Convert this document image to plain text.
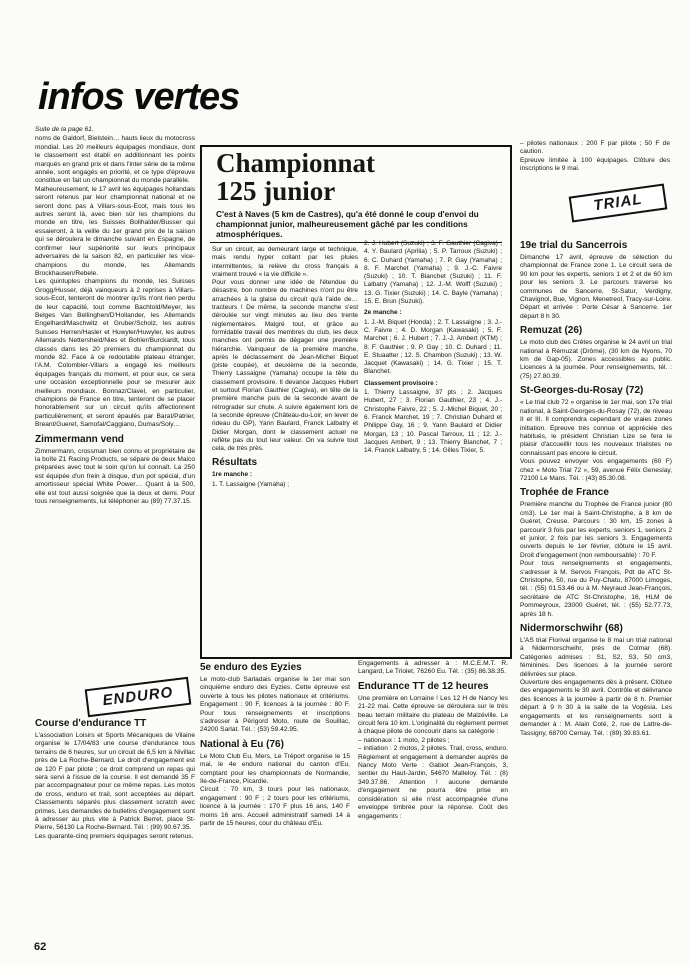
infos vertes

Suite de la page 61.

noms de Galdorf, Bielstein… hauts lieux du motocross mondial. Les 20 meilleurs équipages mondiaux, dont le classement est établi en additionnant les points marqués en grand prix et dans l'inter série de la même année, sont engagés en priorité, et ce type d'épreuve constitue en fait un championnat du monde parallèle.
Malheureusement, le 17 avril les équipages hollandais seront retenus par leur championnat national et ne seront donc pas à Villars-sous-Ecot, mais tous les autres seront là, avec bien sûr les champions du monde en titre, les Suisses Bollhalder/Busser qui essaieront, à la veille du 1er grand prix de la saison qui se déroulera le dimanche suivant en Espagne, de confirmer leur supériorité sur leurs principaux adversaires de la saison 82, en particulier les vice-champions du monde, les Allemands Brockhausen/Rebele.
Les quintuples champions du monde, les Suisses Grogg/Husser, déjà vainqueurs à 2 reprises à Villars-sous-Ecot, tenteront de montrer qu'ils n'ont rien perdu de leur capacité, tout comme Bachtold/Meyer, les Belges Van Bellinghen/D'Hollander, les Allemands Engelhard/Maschwitz et Gruber/Scholz, les autres Suisses Herren/Hasler et Huwyler/Huwyler, les autres Allemands Nettersheid/Nies et Bohler/Burckardt, tous classés dans les 20 premiers du championnat du monde 82. Face à ce redoutable plateau étranger, l'A.M. Colombier-Villars a engagé les meilleurs équipages français du moment, et pour eux, ce sera une occasion exceptionnelle pour se mesurer aux meilleurs mondiaux. Bonnaz/Clavel, en particulier, champions de France en titre, tenteront de se placer honorablement sur un circuit qu'ils affectionnent particulièrement, et seront épaulés par Barat/Patrier, Breant/Gueret, Samofal/Caggiano, Dumas/Soly…

Zimmermann vend

Zimmermann, crossman bien connu et propriétaire de la boîte Z1 Racing Products, se sépare de deux Maico préparées avec tout le soin qu'on lui connaît. La 250 est équipée d'un frein à disque, d'un pot spécial, d'un amortisseur spécial White Power… Quant à la 500, elle est tout aussi soignée que la deux et demi. Pour tous renseignements, lui téléphoner au (89) 77.37.15.

ENDURO
Course d'endurance TT

L'association Loisirs et Sports Mécaniques de Vilaine organise le 17/04/83 une course d'endurance tous terrains de 6 heures, sur un circuit de 6,5 km à Nivillac près de La Roche-Bernard. Le droit d'engagement est de 120 F par pilote ; ce droit comprend un repas qui sera servi à l'issue de la course. Il est demandé 35 F par accompagnateur pour ce même repas. Les motos de cross, enduro et trail, sont acceptées au départ. Classements séparés plus classement scratch avec primes. Les demandes de bulletins d'engagement sont à adresser au plus vite à Patrick Berret, place St-Pierre, 56130 La Roche-Bernard. Tél. : (99) 90.67.35.
Les quarante-cinq premiers équipages seront retenus.

62
Championnat
125 junior
C'est à Naves (5 km de Castres), qu'a été donné le coup d'envoi du championnat junior, malheureusement gâché par les conditions atmosphériques.

Sur un circuit, au demeurant large et technique, mais rendu hyper collant par les pluies intermittentes, la relève du cross français a vraiment trouvé « la vie difficile ».
Pour vous donner une idée de l'étendue du désastre, bon nombre de machines n'ont pu être arrachées à la glaise du circuit qu'à l'aide de… tracteurs ! De même, la seconde manche s'est déroulée sur vingt minutes au lieu des trente réglementaires. Malgré tout, et grâce au formidable travail des membres du club, les deux manches ont permis de dégager une première hiérarchie. Vainqueur de la première manche, après le déclassement de Jean-Michel Biquet (piste coupée), et deuxième de la seconde, Thierry Lassaigne (Yamaha) occupe la tête du classement provisoire. Il devance Jacques Hubert et surtout Florian Gauthier (Cagiva), en tête de la première manche puis de la seconde avant de rétrograder sur chute. A suivre également lors de la seconde épreuve (Château-du-Loir, en lever de rideau du GP), Yann Baulard, Franck Lalbatry et Didier Morgan, dont le classement actuel ne reflète pas du tout leur valeur. On va suivre tout cela, de très près.

Résultats

1re manche :

1. T. Lassaigne (Yamaha) ;

2. J. Hubert (Suzuki) ; 3. F. Gauthier (Cagiva) ; 4. Y. Baulard (Aprilia) ; 5. P. Tarroux (Suzuki) ; 6. C. Duhard (Yamaha) ; 7. P. Gay (Yamaha) ; 8. F. Marchet (Yamaha) ; 9. J.-C. Faivre (Suzuki) ; 10. T. Blanchet (Suzuki) ; 11. F. Lalbatry (Yamaha) ; 12. J.-M. Wolff (Suzuki) ; 13. G. Tixier (Suzuki) ; 14. C. Bayle (Yamaha) ; 15. E. Brun (Suzuki).

2e manche :

1. J.-M. Biquet (Honda) ; 2. T. Lassaigne ; 3. J.-C. Faivre ; 4. D. Morgan (Kawasaki) ; 5. F. Marchet ; 6. J. Hubert ; 7. J.-J. Ambert (KTM) ; 8. F. Gauthier ; 9. P. Gay ; 10. C. Duhard ; 11. E. Stuaatter ; 12. S. Chambon (Suzuki) ; 13. W. Jacquet (Kawasaki) ; 14. G. Tixier ; 15. T. Blanchet.

Classement provisoire :

1. Thierry Lassaigne, 37 pts ; 2. Jacques Hubert, 27 ; 3. Florian Gauthier, 23 ; 4. J.-Christophe Faivre, 22 ; 5. J.-Michel Biquet, 20 ; 6. Franck Marchet, 19 ; 7. Christian Duhard et Philippe Gay, 16 ; 9. Yann Baulard et Didier Morgan, 13 ; 10. Pascal Tarroux, 11 ; 12. J.-Jacques Ambert, 9 ; 13. Thierry Blanchet, 7 ; 14. Franck Lalbatry, 5 ; 14. Gilles Tixier, 5.

5e enduro des Eyzies

Le moto-club Sarladais organise le 1er mai son cinquième enduro des Eyzies. Cette épreuve est ouverte à tous les pilotes nationaux et critériums. Engagement : 90 F, licences à la journée : 80 F. Pour tous renseignements et inscriptions s'adresser à Périgord Moto, route de Souillac, 24200 Sarlat. Tél. : (53) 59.42.95.

National à Eu (76)

Le Moto Club Eu, Mers, Le Tréport organise le 15 mai, le 4e enduro national du canton d'Eu, comptant pour les championnats de Normandie, Ile-de-France, Picardie.
Circuit : 70 km, 3 tours pour les nationaux, engagement : 90 F ; 2 tours pour les critériums, licence à la journée : 170 F plus 16 ans, 140 F moins 16 ans. Accueil administratif samedi 14 à partir de 15 heures, cour du château d'Eu.

Engagements à adresser à : M.C.E.M.T. R. Langard, Le Triolet, 76260 Eu. Tél. : (35) 86.38.35.

Endurance TT de 12 heures

Une première en Lorraine ! Les 12 H de Nancy les 21-22 mai. Cette épreuve se déroulera sur le très beau terrain militaire du plateau de Malzéville. Le circuit fera 10 km. L'originalité du règlement permet à chaque pilote de concourir dans sa catégorie :
– nationaux : 1 moto, 2 pilotes ;
– initiation : 2 motos, 2 pilotes. Trail, cross, enduro. Règlement et engagement à demander auprès de Nancy Moto Verte : Gabiot Jean-François, 3, sentier du Haut-Jardin, 54670 Malleloy. Tél. : (8) 349.37.86. Attention ! aucune demande d'engagement ne pourra être prise en considération si elle n'est accompagnée d'une enveloppe timbrée pour la réponse. Coût des engagements :

– pilotes nationaux : 200 F par pilote ; 50 F de caution.
Epreuve limitée à 100 équipages. Clôture des inscriptions le 9 mai.

TRIAL
19e trial du Sancerrois

Dimanche 17 avril, épreuve de sélection du championnat de France zone 1. Le circuit sera de 90 km pour les experts, seniors 1 et 2 et de 60 km pour les seniors 3. Le parcours traverse les communes de Sancerre, St-Satur, Verdigny, Chavignol, Bue, Vignon, Menetreol, Tracy-sur-Loire. Départ et arrivée : Porte César à Sancerre. 1er départ 8 h 30.

Remuzat (26)

Le moto club des Crêtes organise le 24 avril un trial national à Rémuzat (Drôme), (30 km de Nyons, 70 km de Gap-05). Zones accessibles au public. Licences à la journée. Pour renseignements, tél. : (75) 27.80.39.

St-Georges-du-Rosay (72)

« Le trial club 72 » organise le 1er mai, son 17e trial national, à Saint-Georges-du-Rosay (72), de niveau II et III. Il comprendra cependant de vraies zones initiation. Epreuve très connue et appréciée des habitués, le président Christian Lize se fera le plaisir d'accueillir tous les nouveaux trialistes ne connaissant pas encore le circuit.
Vous pouvez envoyer vos engagements (60 F) chez « Moto Trial 72 », 59, avenue Félix Geneslay, 72100 Le Mans. Tél. : (43) 85.30.08.

Trophée de France

Première manche du Trophée de France junior (80 cm3). Le 1er mai à Saint-Christophe, à 8 km de Guéret, Creuse. Parcours : 30 km, 15 zones à parcourir 3 fois par les experts, seniors 1, seniors 2 et junior, 2 fois par les seniors 3. Engagements ouverts depuis le 1er février, clôture le 15 avril. Droit d'engagement (non remboursable) : 70 F.
Pour tous renseignements et engagements, s'adresser à M. Servos François, Pdt de ATC St-Christophe, 50, rue du Puy-Chatu, 87000 Limoges, tél. : (55) 01.53.46 ou à M. Neyraud Jean-François, secrétaire de ATC St-Christophe, 16, HLM de Pommeyroux, 23000 Guéret, tél. : (55) 52.77.73, après 18 h.

Nidermorschwihr (68)

L'AS trial Florival organise le 8 mai un trial national à Nidermorschwihr, près de Colmar (68). Catégories admises : S1, S2, S3, 50 cm3, féminines. Des licences à la journée seront délivrées sur place.
Ouverture des engagements dès à présent. Clôture des engagements le 30 avril. Contrôle et délivrance des licences à la journée à partir de 8 h. Premier départ à 9 h 30 à la salle de la Vogésia. Les engagements et les renseignements sont à demander à : M. Alain Coté, 2, rue de Lattre-de-Tassigny, 68700 Cernay. Tél. : (89) 39.83.61.
